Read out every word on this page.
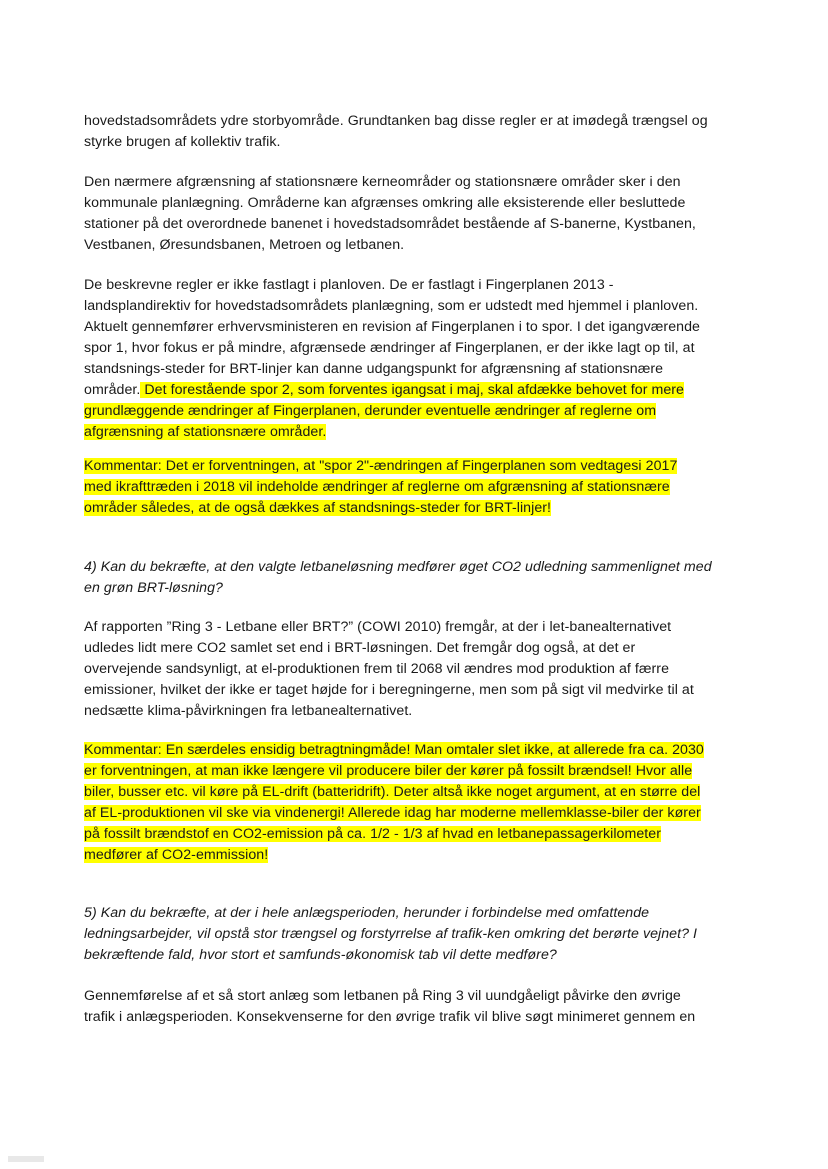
hovedstadsområdets ydre storbyområde. Grundtanken bag disse regler er at imødegå trængsel og
styrke brugen af kollektiv trafik.
Den nærmere afgrænsning af stationsnære kerneområder og stationsnære områder sker i den
kommunale planlægning. Områderne kan afgrænses omkring alle eksisterende eller besluttede
stationer på det overordnede banenet i hovedstadsområdet bestående af S-banerne, Kystbanen,
Vestbanen, Øresundsbanen, Metroen og letbanen.
De beskrevne regler er ikke fastlagt i planloven. De er fastlagt i Fingerplanen 2013 -
landsplandirektiv for hovedstadsområdets planlægning, som er udstedt med hjemmel i planloven.
Aktuelt gennemfører erhvervsministeren en revision af Fingerplanen i to spor. I det igangværende
spor 1, hvor fokus er på mindre, afgrænsede ændringer af Fingerplanen, er der ikke lagt op til, at
standsnings-steder for BRT-linjer kan danne udgangspunkt for afgrænsning af stationsnære
områder. Det forestående spor 2, som forventes igangsat i maj, skal afdække behovet for mere
grundlæggende ændringer af Fingerplanen, derunder eventuelle ændringer af reglerne om
afgrænsning af stationsnære områder.
Kommentar: Det er forventningen, at "spor 2"-ændringen af Fingerplanen som vedtagesi 2017
med ikrafttræden i 2018 vil indeholde ændringer af reglerne om afgrænsning af stationsnære
områder således, at de også dækkes af standsnings-steder for BRT-linjer!
4) Kan du bekræfte, at den valgte letbaneløsning medfører øget CO2 udledning sammenlignet med
en grøn BRT-løsning?
Af rapporten ”Ring 3 - Letbane eller BRT?” (COWI 2010) fremgår, at der i let-banealternativet
udledes lidt mere CO2 samlet set end i BRT-løsningen. Det fremgår dog også, at det er
overvejende sandsynligt, at el-produktionen frem til 2068 vil ændres mod produktion af færre
emissioner, hvilket der ikke er taget højde for i beregningerne, men som på sigt vil medvirke til at
nedsætte klima-påvirkningen fra letbanealternativet.
Kommentar: En særdeles ensidig betragtningmåde! Man omtaler slet ikke, at allerede fra ca. 2030
er forventningen, at man ikke længere vil producere biler der kører på fossilt brændsel! Hvor alle
biler, busser etc. vil køre på EL-drift (batteridrift). Deter altså ikke noget argument, at en større del
af EL-produktionen vil ske via vindenergi! Allerede idag har moderne mellemklasse-biler der kører
på fossilt brændstof en CO2-emission på ca. 1/2 - 1/3 af hvad en letbanepassagerkilometer
medfører af CO2-emmission!
5) Kan du bekræfte, at der i hele anlægsperioden, herunder i forbindelse med omfattende
ledningsarbejder, vil opstå stor trængsel og forstyrrelse af trafik-ken omkring det berørte vejnet? I
bekræftende fald, hvor stort et samfunds-økonomisk tab vil dette medføre?
Gennemførelse af et så stort anlæg som letbanen på Ring 3 vil uundgåeligt påvirke den øvrige
trafik i anlægsperioden. Konsekvenserne for den øvrige trafik vil blive søgt minimeret gennem en
